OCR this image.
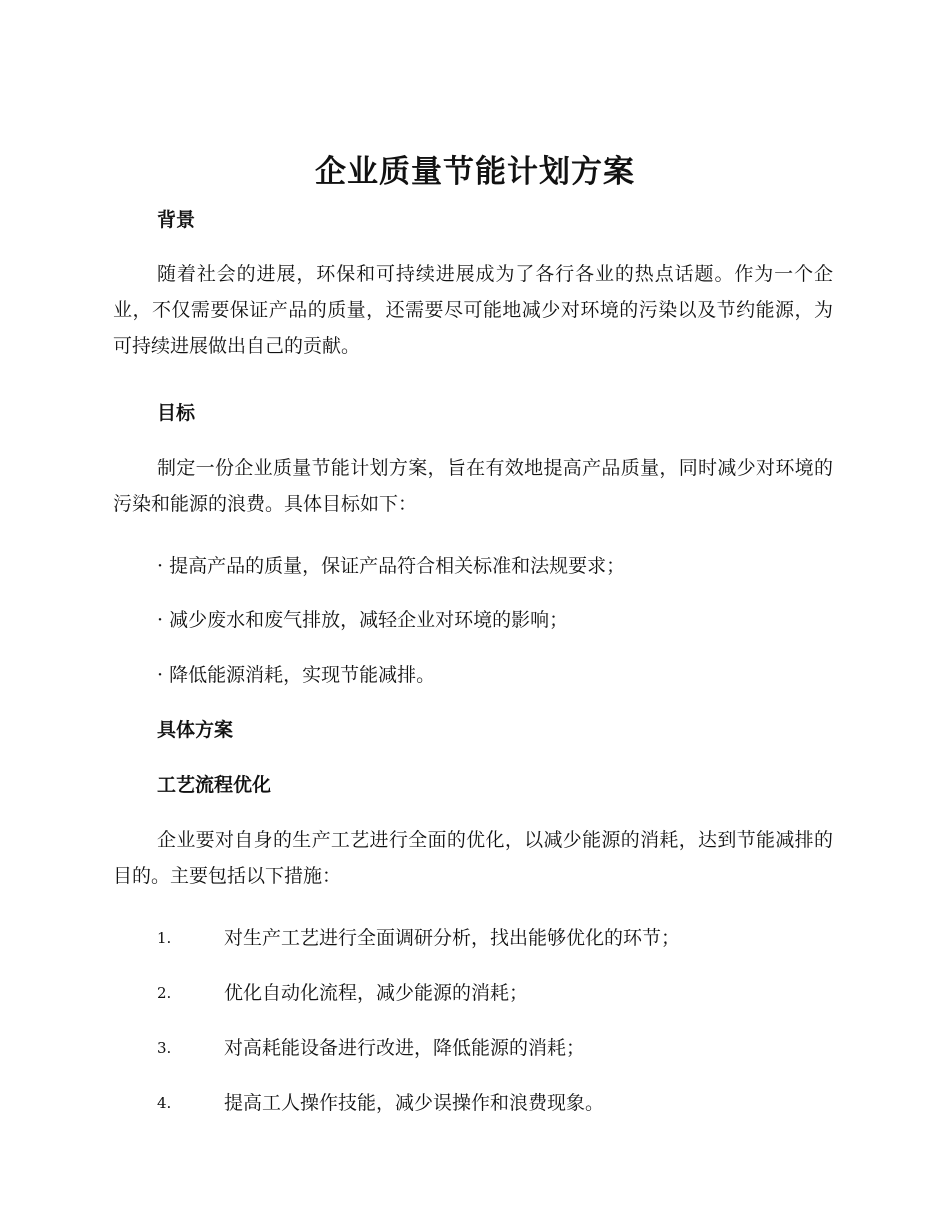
企业质量节能计划方案
背景

随着社会的进展，环保和可持续进展成为了各行各业的热点话题。作为一个企业，不仅需要保证产品的质量，还需要尽可能地减少对环境的污染以及节约能源，为可持续进展做出自己的贡献。

目标

制定一份企业质量节能计划方案，旨在有效地提高产品质量，同时减少对环境的污染和能源的浪费。具体目标如下：

· 提高产品的质量，保证产品符合相关标准和法规要求；
· 减少废水和废气排放，减轻企业对环境的影响；
· 降低能源消耗，实现节能减排。
具体方案
工艺流程优化

企业要对自身的生产工艺进行全面的优化，以减少能源的消耗，达到节能减排的目的。主要包括以下措施：

1.	对生产工艺进行全面调研分析，找出能够优化的环节；
2.	优化自动化流程，减少能源的消耗；
3.	对高耗能设备进行改进，降低能源的消耗；
4.	提高工人操作技能，减少误操作和浪费现象。
